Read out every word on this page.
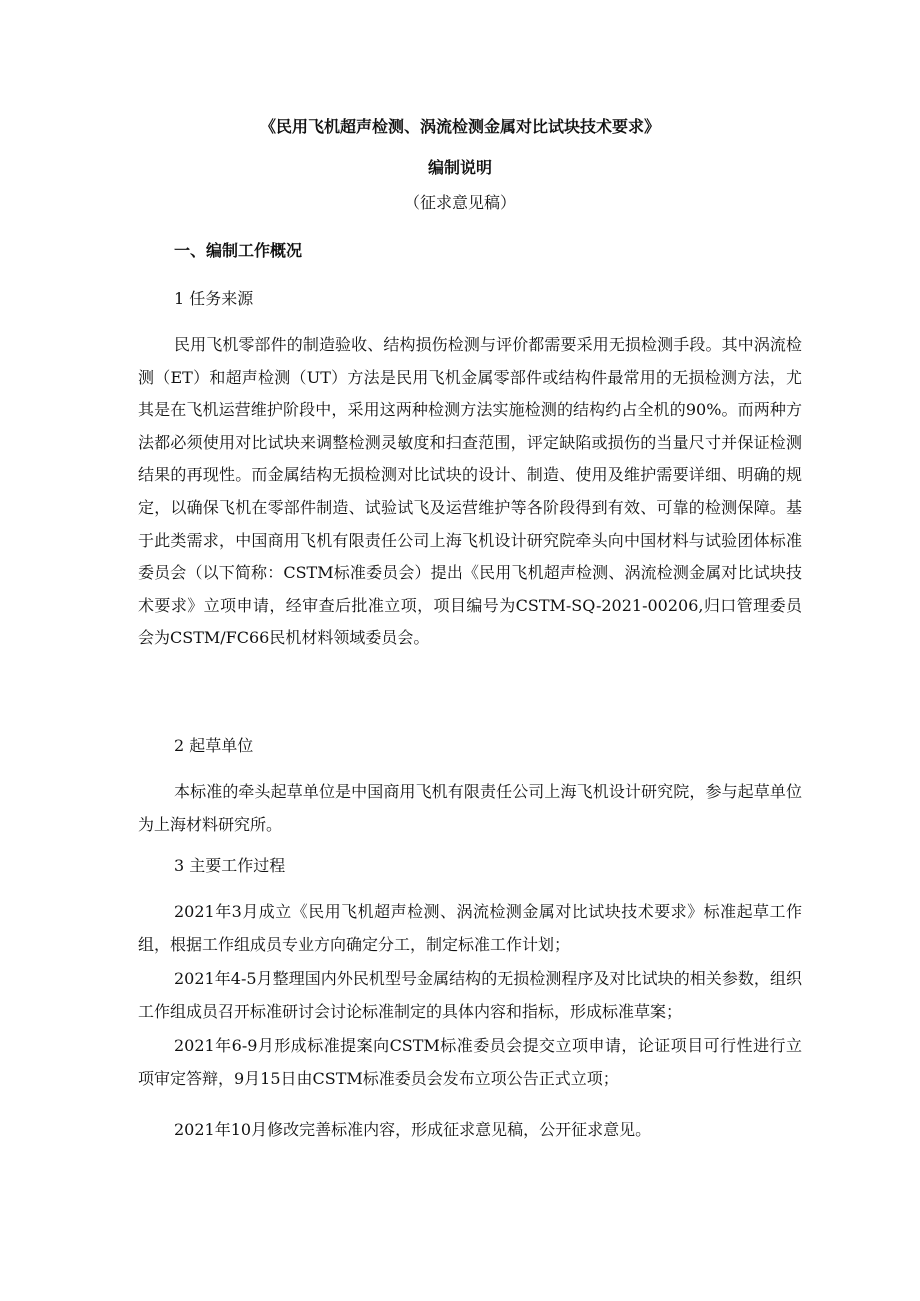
《民用飞机超声检测、涡流检测金属对比试块技术要求》
编制说明
（征求意见稿）
一、编制工作概况
1 任务来源

民用飞机零部件的制造验收、结构损伤检测与评价都需要采用无损检测手段。其中涡流检测（ET）和超声检测（UT）方法是民用飞机金属零部件或结构件最常用的无损检测方法，尤其是在飞机运营维护阶段中，采用这两种检测方法实施检测的结构约占全机的90%。而两种方法都必须使用对比试块来调整检测灵敏度和扫查范围，评定缺陷或损伤的当量尺寸并保证检测结果的再现性。而金属结构无损检测对比试块的设计、制造、使用及维护需要详细、明确的规定，以确保飞机在零部件制造、试验试飞及运营维护等各阶段得到有效、可靠的检测保障。基于此类需求，中国商用飞机有限责任公司上海飞机设计研究院牵头向中国材料与试验团体标准委员会（以下简称：CSTM标准委员会）提出《民用飞机超声检测、涡流检测金属对比试块技术要求》立项申请，经审查后批准立项，项目编号为CSTM-SQ-2021-00206,归口管理委员会为CSTM/FC66民机材料领域委员会。

2 起草单位

本标准的牵头起草单位是中国商用飞机有限责任公司上海飞机设计研究院，参与起草单位为上海材料研究所。

3 主要工作过程

2021年3月成立《民用飞机超声检测、涡流检测金属对比试块技术要求》标准起草工作组，根据工作组成员专业方向确定分工，制定标准工作计划；

2021年4-5月整理国内外民机型号金属结构的无损检测程序及对比试块的相关参数，组织工作组成员召开标准研讨会讨论标准制定的具体内容和指标，形成标准草案；

2021年6-9月形成标准提案向CSTM标准委员会提交立项申请，论证项目可行性进行立项审定答辩，9月15日由CSTM标准委员会发布立项公告正式立项；

2021年10月修改完善标准内容，形成征求意见稿，公开征求意见。
